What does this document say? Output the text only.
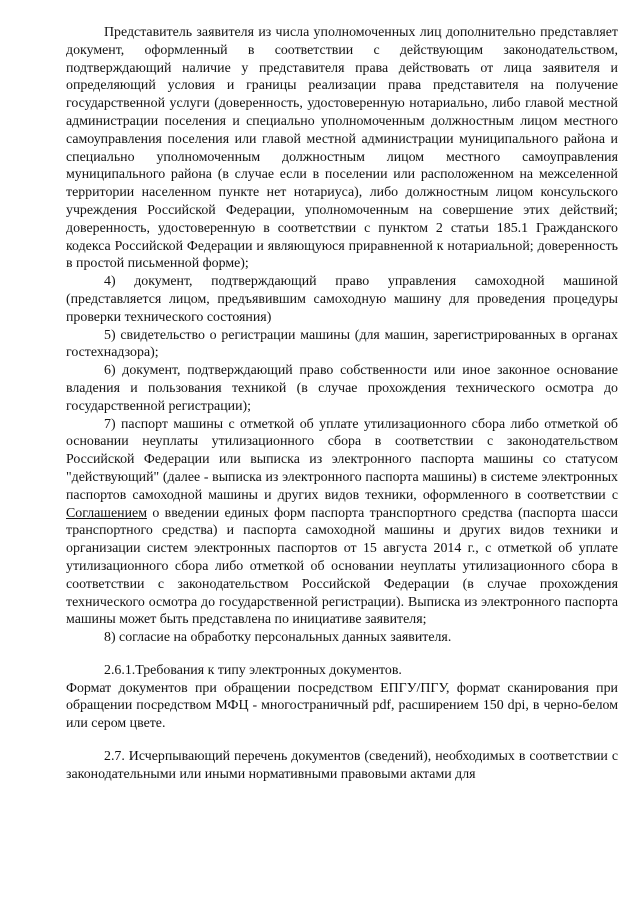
Представитель заявителя из числа уполномоченных лиц дополнительно представляет документ, оформленный в соответствии с действующим законодательством, подтверждающий наличие у представителя права действовать от лица заявителя и определяющий условия и границы реализации права представителя на получение государственной услуги (доверенность, удостоверенную нотариально, либо главой местной администрации поселения и специально уполномоченным должностным лицом местного самоуправления поселения или главой местной администрации муниципального района и специально уполномоченным должностным лицом местного самоуправления муниципального района (в случае если в поселении или расположенном на межселенной территории населенном пункте нет нотариуса), либо должностным лицом консульского учреждения Российской Федерации, уполномоченным на совершение этих действий; доверенность, удостоверенную в соответствии с пунктом 2 статьи 185.1 Гражданского кодекса Российской Федерации и являющуюся приравненной к нотариальной; доверенность в простой письменной форме);

4) документ, подтверждающий право управления самоходной машиной (представляется лицом, предъявившим самоходную машину для проведения процедуры проверки технического состояния)

5) свидетельство о регистрации машины (для машин, зарегистрированных в органах гостехнадзора);

6) документ, подтверждающий право собственности или иное законное основание владения и пользования техникой (в случае прохождения технического осмотра до государственной регистрации);

7) паспорт машины с отметкой об уплате утилизационного сбора либо отметкой об основании неуплаты утилизационного сбора в соответствии с законодательством Российской Федерации или выписка из электронного паспорта машины со статусом "действующий" (далее - выписка из электронного паспорта машины) в системе электронных паспортов самоходной машины и других видов техники, оформленного в соответствии с Соглашением о введении единых форм паспорта транспортного средства (паспорта шасси транспортного средства) и паспорта самоходной машины и других видов техники и организации систем электронных паспортов от 15 августа 2014 г., с отметкой об уплате утилизационного сбора либо отметкой об основании неуплаты утилизационного сбора в соответствии с законодательством Российской Федерации (в случае прохождения технического осмотра до государственной регистрации). Выписка из электронного паспорта машины может быть представлена по инициативе заявителя;

8) согласие на обработку персональных данных заявителя.

2.6.1.Требования к типу электронных документов.

Формат документов при обращении посредством ЕПГУ/ПГУ, формат сканирования при обращении посредством МФЦ - многостраничный pdf, расширением 150 dpi, в черно-белом или сером цвете.

2.7. Исчерпывающий перечень документов (сведений), необходимых в соответствии с законодательными или иными нормативными правовыми актами для
